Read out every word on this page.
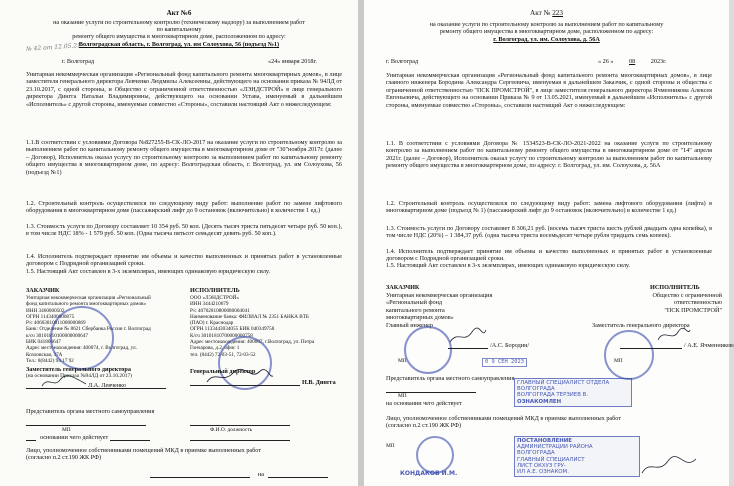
Акт №6
на оказание услуги по строительному контролю (техническому надзору) за выполнением работ
по капитальному
ремонту общего имущества в многоквартирном доме, расположенном по адресу:
Волгоградская область, г. Волгоград, ул. им Солоухова, 56 (подъезд №1)
г. Волгоград	«24» января 2018г.
№ 42 от 12.05.21
Унитарная некоммерческая организация «Региональный фонд капитального ремонта многоквартирных домов», в лице заместителя генерального директора Левченко Людмилы Алексеевны, действующего на основании приказа № 94ЛД от 23.10.2017, с одной стороны, и Общество с ограниченной ответственностью «ЛЭНДСТРОЙ» в лице генерального директора Дингга Натальи Владимировны, действующего на основании Устава, именуемый в дальнейшем «Исполнитель» с другой стороны, именуемые совместно «Стороны», составили настоящий Акт о нижеследующем:
1.1.В соответствии с условиями Договора №827255-В-СК-ЛО-2017 на оказание услуги по строительному контролю за выполнением работ по капитальному ремонту общего имущества в многоквартирном доме от "30"ноября 2017г. (далее – Договор), Исполнитель оказал услугу по строительному контролю за выполнением работ по капитальному ремонту общего имущества в многоквартирном доме, по адресу: Волгоградская область, г. Волгоград, ул. им Солоухова, 56 (подъезд №1)
1.2. Строительный контроль осуществлялся по следующему виду работ: выполнение работ по замене лифтового оборудования в многоквартирном доме (пассажирский лифт до 9 остановок (включительно) в количестве 1 ед.)
1.3. Стоимость услуги по Договору составляет 10 354 руб. 50 коп. (Десять тысяч триста пятьдесят четыре руб. 50 коп.), в том числе НДС 18% - 1 579 руб. 50 коп. (Одна тысяча пятьсот семьдесят девять руб. 50 коп.).
1.4. Исполнитель подтверждает принятие им объемы и качество выполненных и принятых работ в установленные договором с Подрядной организацией сроки.
1.5. Настоящий Акт составлен в 3-х экземплярах, имеющих одинаковую юридическую силу.
ЗАКАЗЧИК	ИСПОЛНИТЕЛЬ
Унитарная некоммерческая организация «Региональный
фонд капитального ремонта многоквартирных домов»
ИНН 3460000502
ОГРН 1143400000875
Р/с 40603810011000000869
Банк: Отделение № 8621 Сбербанка России г. Волгоград
к/сч 30101810100000000647
БИК 041806647
Адрес местонахождения: 400074, г. Волгоград, ул.
Козловская, 37А
Тел.: 8(8442) 94 17 92
ООО «ЛЭНДСТРОЙ»
ИНН 3444210679
Р/с 40702810800080004041
Наименование банка: ФИЛИАЛ № 2351 БАНКА ВТБ
(ПАО) г. Краснодар
ОГРН 1133443034055 БИК 040349758
К/сч 30101810700000000758
Адрес местонахождения: 400007, г.Волгоград, ул. Петра
Гончарова, д.2, офис 1
тел. (8442) 72-03-51, 72-03-52
Заместитель генерального директора
(на основании Приказа №94ЛД от 23.10.2017)
Л.А. Левченко
Генеральный директор
Н.В. Дингга
Представитель органа местного самоуправления
МП
основании чего действует
Ф.И.О. должность
Лицо, уполномоченное собственниками помещений МКД в приемке выполненных работ
(согласно п.2 ст.190 ЖК РФ)
на
Акт № 223
на оказание услуги по строительному контролю за выполнением работ по капитальному
ремонту общего имущества в многоквартирном доме, расположенном по адресу:
г. Волгоград, ул. им. Солоухова, д. 56А
г. Волгоград	« 26 »	08	2023г.
Унитарная некоммерческая организация «Региональный фонд капитального ремонта многоквартирных домов», в лице главного инженера Бородина Александра Сергеевича, именуемая в дальнейшем Заказчик, с одной стороны и общества с ограниченной ответственностью "ПСК ПРОМСТРОЙ", в лице заместителя генерального директора Ячменникова Алексея Евгеньевича, действующего на основании Приказа № 9 от 13.05.2021, именуемый в дальнейшем «Исполнитель» с другой стороны, именуемые совместно «Стороны», составили настоящий Акт о нижеследующем:
1.1. В соответствии с условиями Договора № 1534523-В-СК-ЛО-2021-2022 на оказание услуги по строительному контролю за выполнением работ по капитальному ремонту общего имущества в многоквартирном доме от "14" апреля 2021г. (далее – Договор), Исполнитель оказал услугу по строительному контролю за выполнением работ по капитальному ремонту общего имущества в многоквартирном доме, по адресу: г. Волгоград, ул. им. Солоухова, д. 56А
1.2. Строительный контроль осуществлялся по следующему виду работ: замена лифтового оборудования (лифта) в многоквартирном доме (подъезд № 1) (пассажирский лифт до 9 остановок (включительно) в количестве 1 ед.)
1.3. Стоимость услуги по Договору составляет 8 306,21 руб. (восемь тысяч триста шесть рублей двадцать одна копейка), в том числе НДС (20%) – 1 384,37 руб. (одна тысяча триста восемьдесят четыре рубля тридцать семь копеек).
1.4. Исполнитель подтверждает принятие им объемы и качество выполненных и принятых работ в установленные договором с Подрядной организацией сроки.
1.5. Настоящий Акт составлен в 3-х экземплярах, имеющих одинаковую юридическую силу.
ЗАКАЗЧИК	ИСПОЛНИТЕЛЬ
Унитарная некоммерческая организация
«Региональный фонд
капитального ремонта
многоквартирных домов»
Общество с ограниченной
ответственностью
"ПСК ПРОМСТРОЙ"
Главный инженер	Заместитель генерального директора
/А.С. Бородин/	/ А.Е. Ячменников/
МП	МП
0 9 СЕН 2023
Представитель органа местного самоуправления
на основании чего действует
МП
ГЛАВНЫЙ СПЕЦИАЛИСТ ОТДЕЛА
ВОЛГОГРАДА
ВОЛГОГРАДА ТЕРЗИЕВ В.
ОЗНАКОМЛЕН
Лицо, уполномоченное собственниками помещений МКД в приемке выполненных работ
(согласно п.2 ст.190 ЖК РФ)
МП
КОНДАКОВ И.М.
ПОСТАНОВЛЕНИЕ
АДМИНИСТРАЦИИ РАЙОНА
ВОЛГОГРАДА
ГЛАВНЫЙ СПЕЦИАЛИСТ
ЛИСТ ОКХУЗ ГРУ-
ИЛ А.Е. ОЗНАКОМ.
